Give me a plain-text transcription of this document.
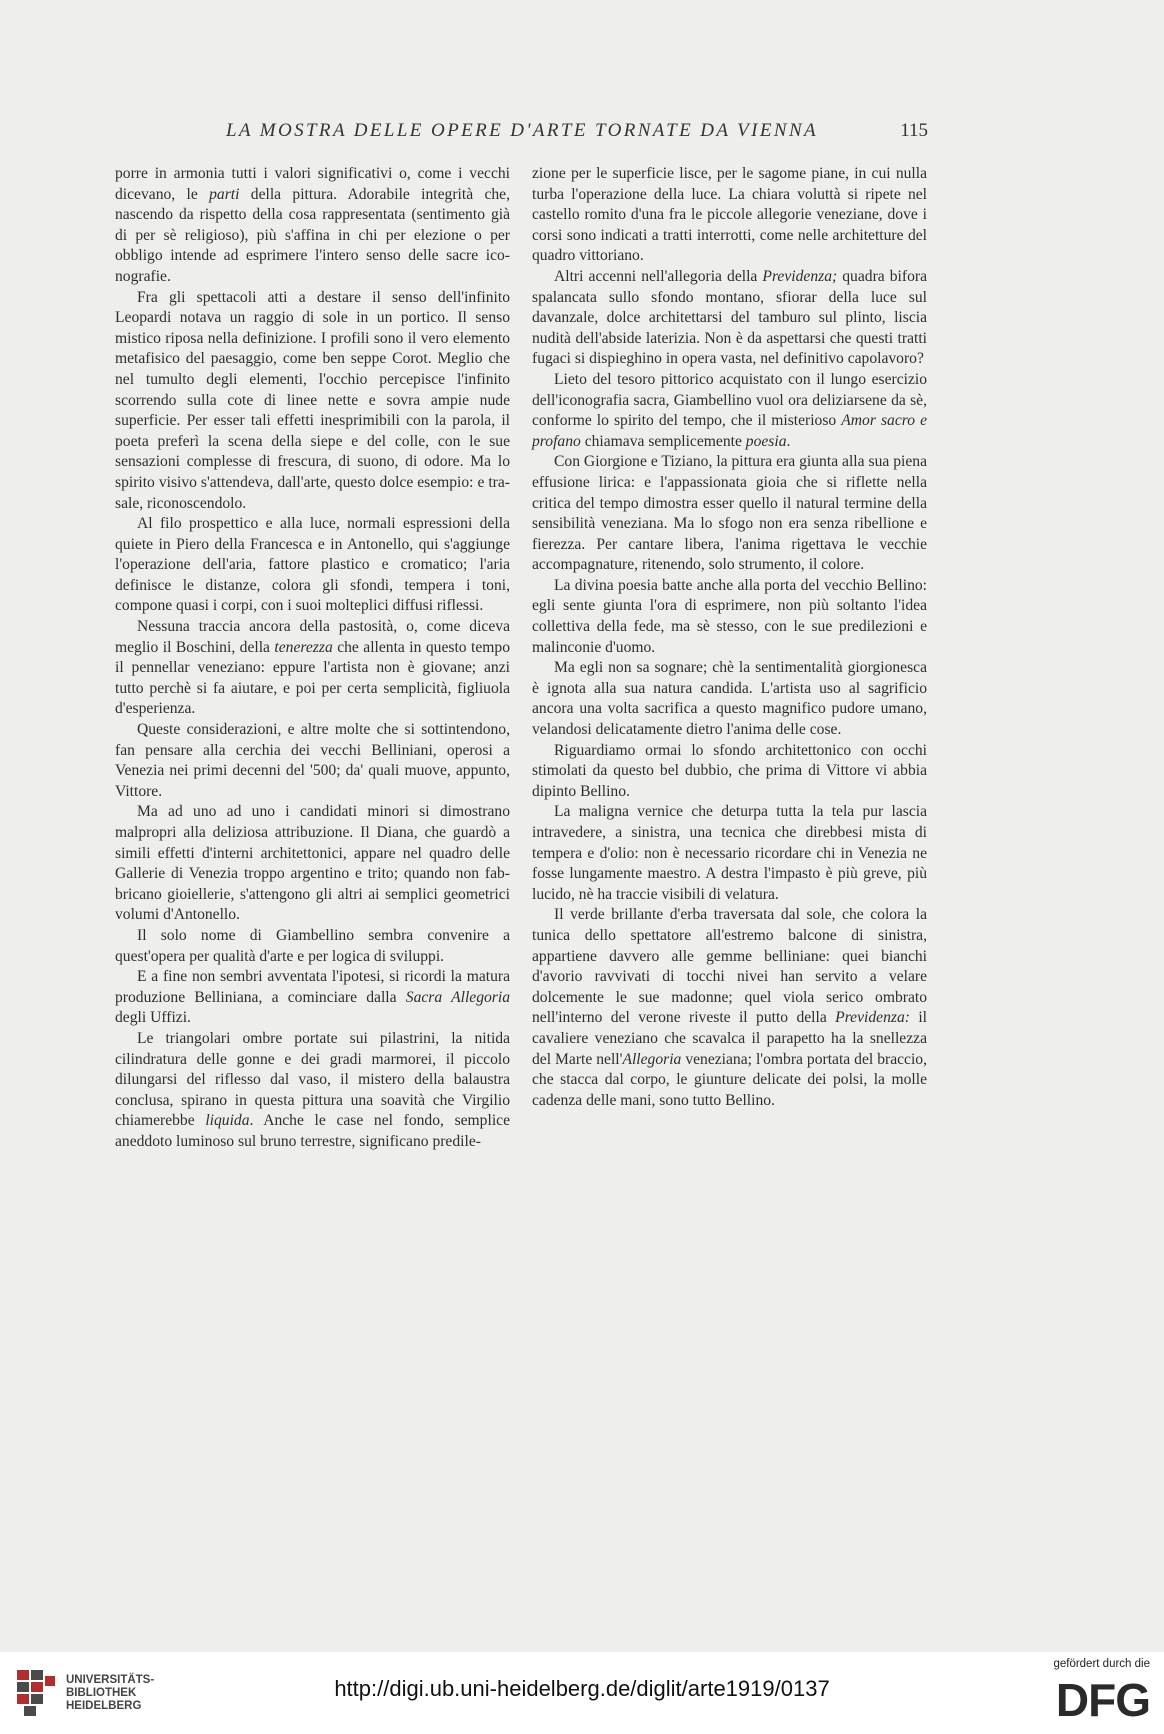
LA MOSTRA DELLE OPERE D'ARTE TORNATE DA VIENNA	115

porre in armonia tutti i valori significativi o, come i vecchi dicevano, le parti della pittura. Adorabile integrità che, nascendo da rispetto della cosa rappresentata (sentimento già di per sè religioso), più s'affina in chi per elezione o per obbligo intende ad esprimere l'intero senso delle sacre iconografie.

Fra gli spettacoli atti a destare il senso dell'infinito Leopardi notava un raggio di sole in un portico. Il senso mistico riposa nella definizione. I profili sono il vero elemento metafisico del paesaggio, come ben seppe Corot. Meglio che nel tumulto degli elementi, l'occhio percepisce l'infinito scorrendo sulla cote di linee nette e sovra ampie nude superficie. Per esser tali effetti inesprimibili con la parola, il poeta preferì la scena della siepe e del colle, con le sue sensazioni complesse di frescura, di suono, di odore. Ma lo spirito visivo s'attendeva, dall'arte, questo dolce esempio: e trasale, riconoscendolo.

Al filo prospettico e alla luce, normali espressioni della quiete in Piero della Francesca e in Antonello, qui s'aggiunge l'operazione dell'aria, fattore plastico e cromatico; l'aria definisce le distanze, colora gli sfondi, tempera i toni, compone quasi i corpi, con i suoi molteplici diffusi riflessi.

Nessuna traccia ancora della pastosità, o, come diceva meglio il Boschini, della tenerezza che allenta in questo tempo il pennellar veneziano: eppure l'artista non è giovane; anzi tutto perchè si fa aiutare, e poi per certa semplicità, figliuola d'esperienza.

Queste considerazioni, e altre molte che si sottintendono, fan pensare alla cerchia dei vecchi Belliniani, operosi a Venezia nei primi decenni del '500; da' quali muove, appunto, Vittore.

Ma ad uno ad uno i candidati minori si dimostrano malpropri alla deliziosa attribuzione. Il Diana, che guardò a simili effetti d'interni architettonici, appare nel quadro delle Gallerie di Venezia troppo argentino e trito; quando non fabbricano gioiellerie, s'attengono gli altri ai semplici geometrici volumi d'Antonello.

Il solo nome di Giambellino sembra convenire a quest'opera per qualità d'arte e per logica di sviluppi.

E a fine non sembri avventata l'ipotesi, si ricordi la matura produzione Belliniana, a cominciare dalla Sacra Allegoria degli Uffizi.

Le triangolari ombre portate sui pilastrini, la nitida cilindratura delle gonne e dei gradi marmorei, il piccolo dilungarsi del riflesso dal vaso, il mistero della balaustra conclusa, spirano in questa pittura una soavità che Virgilio chiamerebbe liquida. Anche le case nel fondo, semplice aneddoto luminoso sul bruno terrestre, significano predile-

zione per le superficie lisce, per le sagome piane, in cui nulla turba l'operazione della luce. La chiara voluttà si ripete nel castello romito d'una fra le piccole allegorie veneziane, dove i corsi sono indicati a tratti interrotti, come nelle architetture del quadro vittoriano.

Altri accenni nell'allegoria della Previdenza; quadra bifora spalancata sullo sfondo montano, sfiorar della luce sul davanzale, dolce architettarsi del tamburo sul plinto, liscia nudità dell'abside laterizia. Non è da aspettarsi che questi tratti fugaci si dispieghino in opera vasta, nel definitivo capolavoro?

Lieto del tesoro pittorico acquistato con il lungo esercizio dell'iconografia sacra, Giambellino vuol ora deliziarsene da sè, conforme lo spirito del tempo, che il misterioso Amor sacro e profano chiamava semplicemente poesia.

Con Giorgione e Tiziano, la pittura era giunta alla sua piena effusione lirica: e l'appassionata gioia che si riflette nella critica del tempo dimostra esser quello il natural termine della sensibilità veneziana. Ma lo sfogo non era senza ribellione e fierezza. Per cantare libera, l'anima rigettava le vecchie accompagnature, ritenendo, solo strumento, il colore.

La divina poesia batte anche alla porta del vecchio Bellino: egli sente giunta l'ora di esprimere, non più soltanto l'idea collettiva della fede, ma sè stesso, con le sue predilezioni e malinconie d'uomo.

Ma egli non sa sognare; chè la sentimentalità giorgionesca è ignota alla sua natura candida. L'artista uso al sagrificio ancora una volta sacrifica a questo magnifico pudore umano, velandosi delicatamente dietro l'anima delle cose.

Riguardiamo ormai lo sfondo architettonico con occhi stimolati da questo bel dubbio, che prima di Vittore vi abbia dipinto Bellino.

La maligna vernice che deturpa tutta la tela pur lascia intravedere, a sinistra, una tecnica che direbbesi mista di tempera e d'olio: non è necessario ricordare chi in Venezia ne fosse lungamente maestro. A destra l'impasto è più greve, più lucido, nè ha traccie visibili di velatura.

Il verde brillante d'erba traversata dal sole, che colora la tunica dello spettatore all'estremo balcone di sinistra, appartiene davvero alle gemme belliniane: quei bianchi d'avorio ravvivati di tocchi nivei han servito a velare dolcemente le sue madonne; quel viola serico ombrato nell'interno del verone riveste il putto della Previdenza: il cavaliere veneziano che scavalca il parapetto ha la snellezza del Marte nell'Allegoria veneziana; l'ombra portata del braccio, che stacca dal corpo, le giunture delicate dei polsi, la molle cadenza delle mani, sono tutto Bellino.

UNIVERSITÄTS-
BIBLIOTHEK
HEIDELBERG
http://digi.ub.uni-heidelberg.de/diglit/arte1919/0137
gefördert durch die
DFG
